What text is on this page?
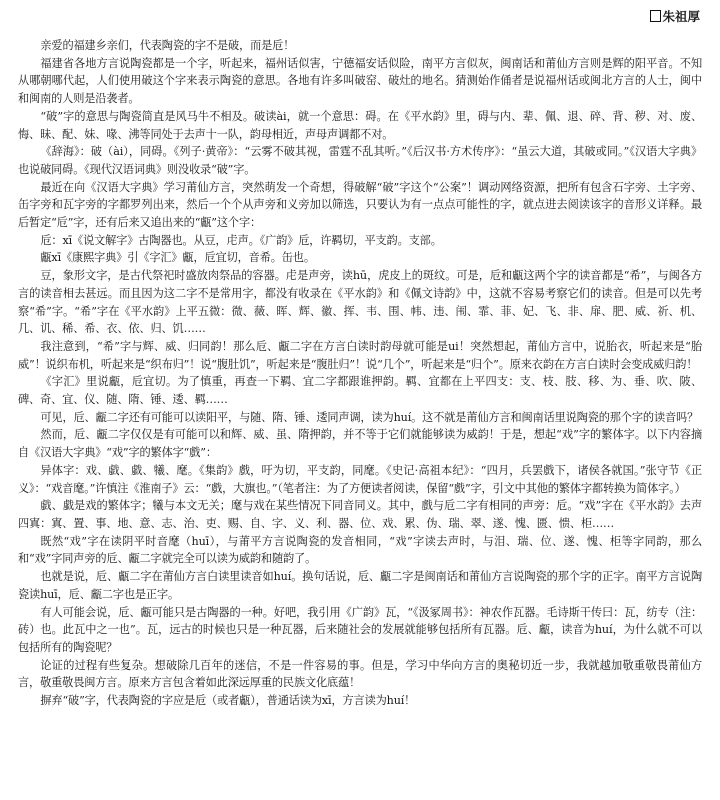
朱祖厚

亲爱的福建乡亲们，代表陶瓷的字不是破，而是卮！

福建省各地方言说陶瓷都是一个字，听起来，福州话似害，宁德福安话似险，南平方言似灰，闽南话和莆仙方言则是辉的阳平音。不知从哪朝哪代起，人们使用破这个字来表示陶瓷的意思。各地有许多叫破窑、破灶的地名。猜测始作俑者是说福州话或闽北方言的人士，闽中和闽南的人则是沿袭者。

“破”字的意思与陶瓷简直是风马牛不相及。破读ài，就一个意思：碍。在《平水韵》里，碍与内、辈、佩、退、碎、背、秽、对、废、悔、昧、配、妹、喙、沸等同处于去声十一队，韵母相近，声母声调都不对。

《辞海》：破（ài），同碍。《列子·黄帝》：“云雾不破其视，雷霆不乱其听。”《后汉书·方术传序》：“虽云大道，其破或同。”《汉语大字典》也说破同碍。《现代汉语词典》则没收录“破”字。

最近在向《汉语大字典》学习莆仙方言，突然萌发一个奇想，得破解“破”字这个“公案”！调动网络资源，把所有包含石字旁、土字旁、缶字旁和瓦字旁的字都罗列出来，然后一个个从声旁和义旁加以筛选，只要认为有一点点可能性的字，就点进去阅读该字的音形义详释。最后暂定“卮”字，还有后来又追出来的“甗”这个字：

卮：xī《说文解字》古陶器也。从豆，虍声。《广韵》卮，许羁切，平支韵。支部。

甗xī《康熙字典》引《字汇》甗，卮宜切，音希。缶也。

豆，象形文字，是古代祭祀时盛放肉祭品的容器。虍是声旁，读hū，虎皮上的斑纹。可是，卮和甗这两个字的读音都是“希”，与闽各方言的读音相去甚远。而且因为这二字不是常用字，都没有收录在《平水韵》和《佩文诗韵》中，这就不容易考察它们的读音。但是可以先考察“希”字。“希”字在《平水韵》上平五微：微、薇、晖、辉、徽、挥、韦、围、帏、违、闱、霏、菲、妃、飞、非、扉、肥、威、祈、机、几、讥、稀、希、衣、依、归、饥……

我注意到，“希”字与辉、威、归同韵！那么卮、甗二字在方言白读时韵母就可能是ui！突然想起，莆仙方言中，说胎衣，听起来是“胎威”！说织布机，听起来是“织布归”！说“腹肚饥”，听起来是“腹肚归”！说“几个”，听起来是“归个”。原来衣韵在方言白读时会变成威归韵！

《字汇》里说甗，卮宜切。为了慎重，再查一下羁、宜二字都跟谁押韵。羁、宜都在上平四支：支、枝、肢、移、为、垂、吹、陂、碑、奇、宜、仪、随、隋、锤、逶、羁……

可见，卮、甗二字还有可能可以读阳平，与随、隋、锤、逶同声调，读为huí。这不就是莆仙方言和闽南话里说陶瓷的那个字的读音吗？

然而，卮、甗二字仅仅是有可能可以和辉、威、虽、隋押韵，并不等于它们就能够读为威韵！于是，想起“戏”字的繁体字。以下内容摘自《汉语大字典》“戏”字的繁体字“戲”：

异体字：戏、戯、戱、犧、麾。《集韵》戲，吁为切，平支韵，同麾。《史记·高祖本纪》：“四月，兵罢戲下，诸侯各就国。”张守节《正义》：“戏音麾。”许慎注《淮南子》云：“戲，大旗也。”（笔者注：为了方便读者阅读，保留“戲”字，引文中其他的繁体字都转换为简体字。）

戯、戱是戏的繁体字；犧与本文无关；麾与戏在某些情况下同音同义。其中，戲与卮二字有相同的声旁：卮。“戏”字在《平水韵》去声四寘：寘、置、事、地、意、志、治、吏、赐、自、字、义、利、器、位、戏、累、伪、瑞、翠、遂、愧、匮、愦、柜……

既然“戏”字在读阴平时音麾（huī），与莆平方言说陶瓷的发音相同，“戏”字读去声时，与泪、瑞、位、遂、愧、柜等字同韵，那么和“戏”字同声旁的卮、甗二字就完全可以读为威韵和随韵了。

也就是说，卮、甗二字在莆仙方言白读里读音如huí。换句话说，卮、甗二字是闽南话和莆仙方言说陶瓷的那个字的正字。南平方言说陶瓷读huī，卮、甗二字也是正字。

有人可能会说，卮、甗可能只是古陶器的一种。好吧，我引用《广韵》瓦，“《汲冢周书》：神农作瓦器。毛诗斯干传曰：瓦，纺专（注：砖）也。此瓦中之一也”。瓦，远古的时候也只是一种瓦器，后来随社会的发展就能够包括所有瓦器。卮、甗，读音为huí，为什么就不可以包括所有的陶瓷呢？

论证的过程有些复杂。想破除几百年的迷信，不是一件容易的事。但是，学习中华向方言的奥秘切近一步，我就越加敬重敬畏莆仙方言，敬重敬畏闽方言。原来方言包含着如此深远厚重的民族文化底蕴！

摒弃“破”字，代表陶瓷的字应是卮（或者甗），普通话读为xī，方言读为huí！
